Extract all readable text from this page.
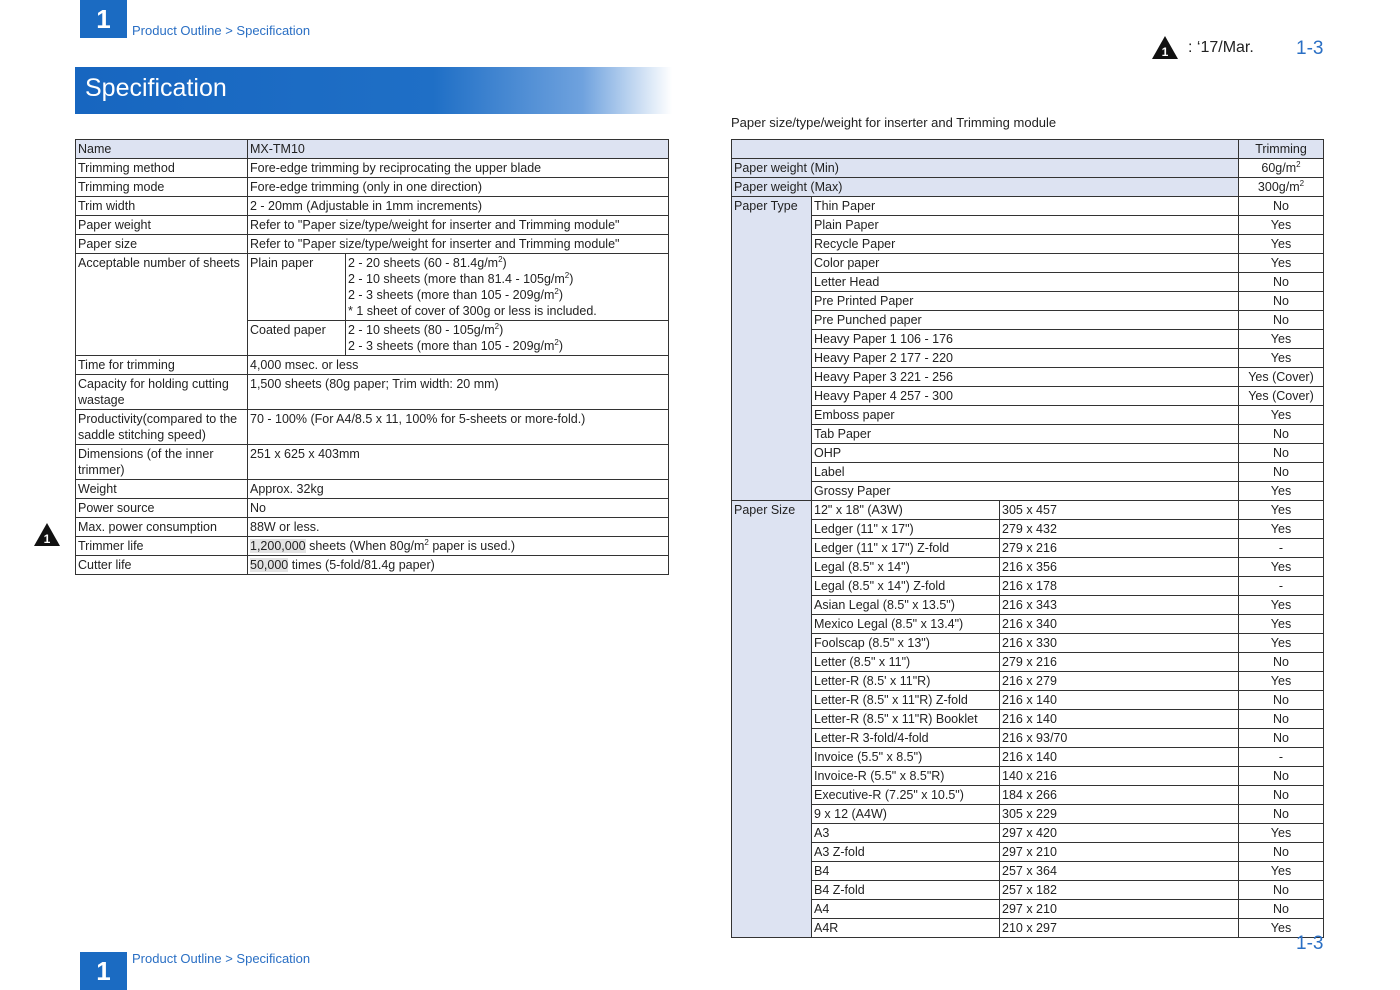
1	Product Outline > Specification
1 : ‘17/Mar. 1-3
Specification
1
Name	MX-TM10	
Trimming method	Fore-edge trimming by reciprocating the upper blade	
Trimming mode	Fore-edge trimming (only in one direction)	
Trim width	2 - 20mm (Adjustable in 1mm increments)	
Paper weight	Refer to "Paper size/type/weight for inserter and Trimming module"	
Paper size	Refer to "Paper size/type/weight for inserter and Trimming module"	
Acceptable number of sheets	Plain paper	2 - 20 sheets $(60 - 81.4g/m^2)$
2 - 10 sheets (more than $81.4 - 105g/m^2$)
2 - 3 sheets (more than $105 - 209g/m^2$)
* 1 sheet of cover of 300g or less is included.

	Coated paper	2 - 10 sheets $(80 - 105g/m^2)$
2 - 3 sheets (more than $105 - 209g/m^2$)

Time for trimming	4,000 msec. or less	
Capacity for holding cutting wastage	1,500 sheets (80g paper; Trim width: 20 mm)	
Productivity(compared to the saddle stitching speed)	70 - 100% (For A4/8.5 x 11, 100% for 5-sheets or more-fold.)	
Dimensions (of the inner trimmer)	251 x 625 x 403mm	
Weight	Approx. 32kg	
Power source	No	
Max. power consumption	88W or less.	
Trimmer life	1,200,000 sheets (When $80g/m^2$ paper is used.)	
Cutter life	50,000 times (5-fold/81.4g paper)	
Paper size/type/weight for inserter and Trimming module
			Trimming
Paper weight (Min)			$60g/m^2$
Paper weight (Max)			$300g/m^2$
Paper Type	Thin Paper		No
	Plain Paper		Yes
	Recycle Paper		Yes
	Color paper		Yes
	Letter Head		No
	Pre Printed Paper		No
	Pre Punched paper		No
	Heavy Paper 1 106 - 176		Yes
	Heavy Paper 2 177 - 220		Yes
	Heavy Paper 3 221 - 256		Yes (Cover)
	Heavy Paper 4 257 - 300		Yes (Cover)
	Emboss paper		Yes
	Tab Paper		No
	OHP		No
	Label		No
	Grossy Paper		Yes
Paper Size	12" x 18" (A3W)	305 x 457	Yes
	Ledger (11" x 17")	279 x 432	Yes
	Ledger (11" x 17") Z-fold	279 x 216	-
	Legal (8.5" x 14")	216 x 356	Yes
	Legal (8.5" x 14") Z-fold	216 x 178	-
	Asian Legal (8.5" x 13.5")	216 x 343	Yes
	Mexico Legal (8.5" x 13.4")	216 x 340	Yes
	Foolscap (8.5" x 13")	216 x 330	Yes
	Letter (8.5" x 11")	279 x 216	No
	Letter-R (8.5' x 11"R)	216 x 279	Yes
	Letter-R (8.5" x 11"R) Z-fold	216 x 140	No
	Letter-R (8.5" x 11"R) Booklet	216 x 140	No
	Letter-R 3-fold/4-fold	216 x 93/70	No
	Invoice (5.5" x 8.5")	216 x 140	-
	Invoice-R (5.5" x 8.5"R)	140 x 216	No
	Executive-R (7.25" x 10.5")	184 x 266	No
	9 x 12 (A4W)	305 x 229	No
	A3	297 x 420	Yes
	A3 Z-fold	297 x 210	No
	B4	257 x 364	Yes
	B4 Z-fold	257 x 182	No
	A4	297 x 210	No
	A4R	210 x 297	Yes
1	Product Outline > Specification
1-3
